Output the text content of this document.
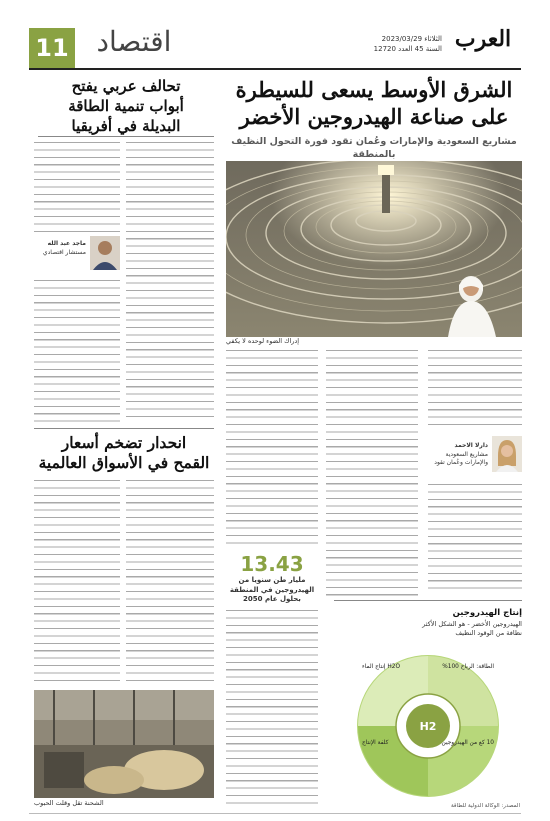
العرب
الثلاثاء 2023/03/29
السنة 45 العدد 12720
11 اقتصاد
الشرق الأوسط يسعى للسيطرة
على صناعة الهيدروجين الأخضر
مشاريع السعودية والإمارات وعُمان تقود فورة التحول النظيف بالمنطقة
إدراك الضوء لوحده لا يكفي
تحالف عربي يفتح
أبواب تنمية الطاقة
البديلة في أفريقيا
ماجد عبد الله
مستشار اقتصادي
انحدار تضخم أسعار
القمح في الأسواق العالمية
الشحنة تقل وقلت الحبوب
13.43
مليار طن سنويا من الهيدروجين في المنطقة بحلول عام 2050
دارلا الاحمد
مشاريع السعودية والإمارات وعُمان تقود
إنتاج الهيدروجين
الهيدروجين الأخضر - هو الشكل الأكثر نظافة من الوقود النظيف
H2
الطاقة: الرياح 100%
10 كغ من الهيدروجين
كلفة الإنتاج
H2O إنتاج الماء
المصدر: الوكالة الدولية للطاقة
